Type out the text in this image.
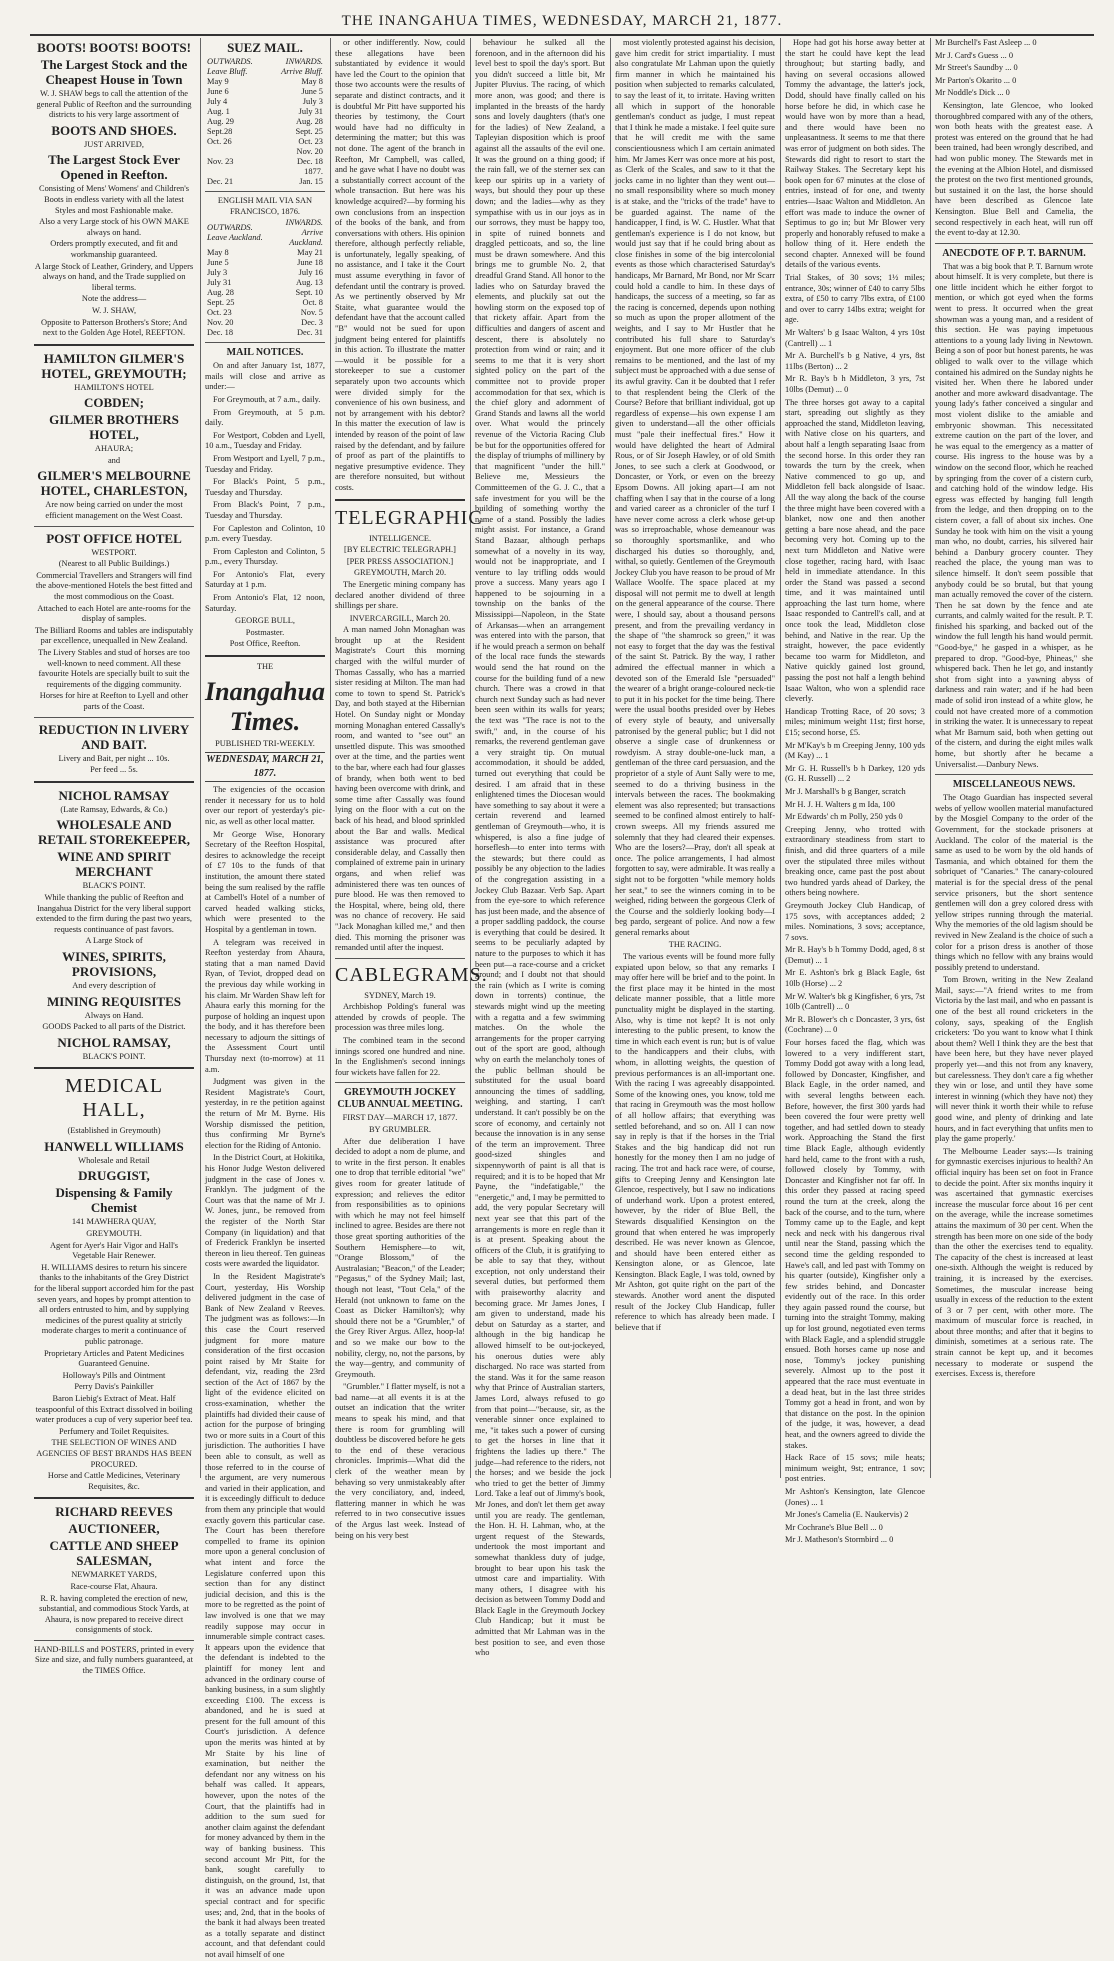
THE INANGAHUA TIMES, WEDNESDAY, MARCH 21, 1877.

BOOTS! BOOTS! BOOTS!

The Largest Stock and the Cheapest House in Town

W. J. SHAW begs to call the attention of the general Public of Reefton and the surrounding districts to his very large assortment of

BOOTS AND SHOES.

JUST ARRIVED,

The Largest Stock Ever Opened in Reefton.

Consisting of Mens' Womens' and Children's Boots in endless variety with all the latest Styles and most Fashionable make.

Also a very Large stock of his OWN MAKE always on hand.

Orders promptly executed, and fit and workmanship guaranteed.

A large Stock of Leather, Grindery, and Uppers always on hand, and the Trade supplied on liberal terms.

Note the address—

W. J. SHAW,

Opposite to Patterson Brothers's Store; And next to the Golden Age Hotel, REEFTON.

HAMILTON GILMER'S HOTEL, GREYMOUTH;

HAMILTON'S HOTEL

COBDEN;

GILMER BROTHERS HOTEL,

AHAURA;

and

GILMER'S MELBOURNE HOTEL, CHARLESTON,

Are now being carried on under the most efficient management on the West Coast.

POST OFFICE HOTEL

WESTPORT.

(Nearest to all Public Buildings.)

Commercial Travellers and Strangers will find the above-mentioned Hotels the best fitted and the most commodious on the Coast.

Attached to each Hotel are ante-rooms for the display of samples.

The Billiard Rooms and tables are indisputably par excellence, unequalled in New Zealand.

The Livery Stables and stud of horses are too well-known to need comment. All these favourite Hotels are specially built to suit the requirements of the digging community.

Horses for hire at Reefton to Lyell and other parts of the Coast.

REDUCTION IN LIVERY AND BAIT.

Livery and Bait, per night ... 10s.

Per feed ... 5s.

NICHOL RAMSAY

(Late Ramsay, Edwards, & Co.)

WHOLESALE AND RETAIL STOREKEEPER,

WINE AND SPIRIT MERCHANT

BLACK'S POINT.

While thanking the public of Reefton and Inangahua District for the very liberal support extended to the firm during the past two years, requests continuance of past favors.

A Large Stock of

WINES, SPIRITS, PROVISIONS,

And every description of

MINING REQUISITES

Always on Hand.

GOODS Packed to all parts of the District.

NICHOL RAMSAY,

BLACK'S POINT.

MEDICAL HALL,

(Established in Greymouth)

HANWELL WILLIAMS

Wholesale and Retail

DRUGGIST,

Dispensing & Family Chemist

141 MAWHERA QUAY,

GREYMOUTH.

Agent for Ayer's Hair Vigor and Hall's Vegetable Hair Renewer.

H. WILLIAMS desires to return his sincere thanks to the inhabitants of the Grey District for the liberal support accorded him for the past seven years, and hopes by prompt attention to all orders entrusted to him, and by supplying medicines of the purest quality at strictly moderate charges to merit a continuance of public patronage.

Proprietary Articles and Patent Medicines Guaranteed Genuine.

Holloway's Pills and Ointment

Perry Davis's Painkiller

Baron Liebig's Extract of Meat. Half teaspoonful of this Extract dissolved in boiling water produces a cup of very superior beef tea.

Perfumery and Toilet Requisites.

THE SELECTION OF WINES AND AGENCIES OF BEST BRANDS HAS BEEN PROCURED.

Horse and Cattle Medicines, Veterinary Requisites, &c.

RICHARD REEVES

AUCTIONEER,

CATTLE AND SHEEP SALESMAN,

NEWMARKET YARDS,

Race-course Flat, Ahaura.

R. R. having completed the erection of new, substantial, and commodious Stock Yards, at Ahaura, is now prepared to receive direct consignments of stock.

HAND-BILLS and POSTERS, printed in every Size and size, and fully numbers guaranteed, at the TIMES Office.

SUEZ MAIL.

OUTWARDS. Leave Bluff.	INWARDS. Arrive Bluff.
May 9	May 8
June 6	June 5
July 4	July 3
Aug. 1	July 31
Aug. 29	Aug. 28
Sept.28	Sept. 25
Oct. 26	Oct. 23
	Nov. 20
Nov. 23	Dec. 18
	1877.
Dec. 21	Jan. 15

ENGLISH MAIL VIA SAN FRANCISCO, 1876.

OUTWARDS. Leave Auckland.	INWARDS. Arrive Auckland.
May 8	May 21
June 5	June 18
July 3	July 16
July 31	Aug. 13
Aug. 28	Sept. 10
Sept. 25	Oct. 8
Oct. 23	Nov. 5
Nov. 20	Dec. 3
Dec. 18	Dec. 31

MAIL NOTICES.

On and after January 1st, 1877, mails will close and arrive as under:—

For Greymouth, at 7 a.m., daily.

From Greymouth, at 5 p.m. daily.

For Westport, Cobden and Lyell, 10 a.m., Tuesday and Friday.

From Westport and Lyell, 7 p.m., Tuesday and Friday.

For Black's Point, 5 p.m., Tuesday and Thursday.

From Black's Point, 7 p.m., Tuesday and Thursday.

For Capleston and Colinton, 10 p.m. every Tuesday.

From Capleston and Colinton, 5 p.m., every Thursday.

For Antonio's Flat, every Saturday at 1 p.m.

From Antonio's Flat, 12 noon, Saturday.

GEORGE BULL,

Postmaster.

Post Office, Reefton.

THE

Inangahua Times.

PUBLISHED TRI-WEEKLY.

WEDNESDAY, MARCH 21, 1877.

The exigencies of the occasion render it necessary for us to hold over our report of yesterday's pic-nic, as well as other local matter.

Mr George Wise, Honorary Secretary of the Reefton Hospital, desires to acknowledge the receipt of £7 10s to the funds of that institution, the amount there stated being the sum realised by the raffle at Cambell's Hotel of a number of carved headed walking sticks, which were presented to the Hospital by a gentleman in town.

A telegram was received in Reefton yesterday from Ahaura, stating that a man named David Ryan, of Teviot, dropped dead on the previous day while working in his claim. Mr Warden Shaw left for Ahaura early this morning for the purpose of holding an inquest upon the body, and it has therefore been necessary to adjourn the sittings of the Assessment Court until Thursday next (to-morrow) at 11 a.m.

Judgment was given in the Resident Magistrate's Court, yesterday, in re the petition against the return of Mr M. Byrne. His Worship dismissed the petition, thus confirming Mr Byrne's election for the Riding of Antonio.

In the District Court, at Hokitika, his Honor Judge Weston delivered judgment in the case of Jones v. Franklyn. The judgment of the Court was that the name of Mr J. W. Jones, junr., be removed from the register of the North Star Company (in liquidation) and that of Frederick Franklyn be inserted thereon in lieu thereof. Ten guineas costs were awarded the liquidator.

In the Resident Magistrate's Court, yesterday, His Worship delivered judgment in the case of Bank of New Zealand v Reeves. The judgment was as follows:—In this case the Court reserved judgment for more mature consideration of the first occasion point raised by Mr Staite for defendant, viz, reading the 23rd section of the Act of 1867 by the light of the evidence elicited on cross-examination, whether the plaintiffs had divided their cause of action for the purpose of bringing two or more suits in a Court of this jurisdiction. The authorities I have been able to consult, as well as those referred to in the course of the argument, are very numerous and varied in their application, and it is exceedingly difficult to deduce from them any principle that would exactly govern this particular case. The Court has been therefore compelled to frame its opinion more upon a general conclusion of what intent and force the Legislature conferred upon this section than for any distinct judicial decision, and this is the more to be regretted as the point of law involved is one that we may readily suppose may occur in innumerable simple contract cases. It appears upon the evidence that the defendant is indebted to the plaintiff for money lent and advanced in the ordinary course of banking business, in a sum slightly exceeding £100. The excess is abandoned, and he is sued at present for the full amount of this Court's jurisdiction. A defence upon the merits was hinted at by Mr Staite by his line of examination, but neither the defendant nor any witness on his behalf was called. It appears, however, upon the notes of the Court, that the plaintiffs had in addition to the sum sued for another claim against the defendant for money advanced by them in the way of banking business. This second account Mr Pitt, for the bank, sought carefully to distinguish, on the ground, 1st, that it was an advance made upon special contract and for specific uses; and, 2nd, that in the books of the bank it had always been treated as a totally separate and distinct account, and that defendant could not avail himself of one

or other indifferently. Now, could these allegations have been substantiated by evidence it would have led the Court to the opinion that those two accounts were the results of separate and distinct contracts, and it is doubtful Mr Pitt have supported his theories by testimony, the Court would have had no difficulty in determining the matter; but this was not done. The agent of the branch in Reefton, Mr Campbell, was called, and he gave what I have no doubt was a substantially correct account of the whole transaction. But here was his knowledge acquired?—by forming his own conclusions from an inspection of the books of the bank, and from conversations with others. His opinion therefore, although perfectly reliable, is unfortunately, legally speaking, of no assistance, and I take it the Court must assume everything in favor of defendant until the contrary is proved. As we pertinently observed by Mr Staite, what guarantee would the defendant have that the account called "B" would not be sued for upon judgment being entered for plaintiffs in this action. To illustrate the matter—would it be possible for a storekeeper to sue a customer separately upon two accounts which were divided simply for the convenience of his own business, and not by arrangement with his debtor? In this matter the execution of law is intended by reason of the point of law raised by the defendant, and by failure of proof as part of the plaintiffs to negative presumptive evidence. They are therefore nonsuited, but without costs.

TELEGRAPHIC

INTELLIGENCE.

[BY ELECTRIC TELEGRAPH.]

[PER PRESS ASSOCIATION.]

GREYMOUTH, March 20.

The Energetic mining company has declared another dividend of three shillings per share.

INVERCARGILL, March 20.

A man named John Monaghan was brought up at the Resident Magistrate's Court this morning charged with the wilful murder of Thomas Cassally, who has a married sister residing at Milton. The man had come to town to spend St. Patrick's Day, and both stayed at the Hibernian Hotel. On Sunday night or Monday morning Monaghan entered Cassally's room, and wanted to "see out" an unsettled dispute. This was smoothed over at the time, and the parties went to the bar, where each had four glasses of brandy, when both went to bed having been overcome with drink, and some time after Cassally was found lying on the floor with a cut on the back of his head, and blood sprinkled about the Bar and walls. Medical assistance was procured after considerable delay, and Cassally then complained of extreme pain in urinary organs, and when relief was administered there was ten ounces of pure blood. He was then removed to the Hospital, where, being old, there was no chance of recovery. He said "Jack Monaghan killed me," and then died. This morning the prisoner was remanded until after the inquest.

CABLEGRAMS.

SYDNEY, March 19.

Archbishop Polding's funeral was attended by crowds of people. The procession was three miles long.

The combined team in the second innings scored one hundred and nine. In the Englishmen's second innings four wickets have fallen for 22.

GREYMOUTH JOCKEY CLUB ANNUAL MEETING.

FIRST DAY—MARCH 17, 1877.

BY GRUMBLER.

After due deliberation I have decided to adopt a nom de plume, and to write in the first person. It enables one to drop that terrible editorial "we" gives room for greater latitude of expression; and relieves the editor from responsibilities as to opinions with which he may not feel himself inclined to agree. Besides are there not those great sporting authorities of the Southern Hemisphere—to wit, "Orange Blossom," of the Australasian; "Beacon," of the Leader; "Pegasus," of the Sydney Mail; last, though not least, "Tout Cela," of the Herald (not unknown to fame on the Coast as Dicker Hamilton's); why should there not be a "Grumbler," of the Grey River Argus. Allez, hoop-la! and so we make our bow to the nobility, clergy, no, not the parsons, by the way—gentry, and community of Greymouth.

"Grumbler." I flatter myself, is not a bad name—at all events it is at the outset an indication that the writer means to speak his mind, and that there is room for grumbling will doubtless be discovered before he gets to the end of these veracious chronicles. Imprimis—What did the clerk of the weather mean by behaving so very unmistakeably after the very conciliatory, and, indeed, flattering manner in which he was referred to in two consecutive issues of the Argus last week. Instead of being on his very best

behaviour he sulked all the forenoon, and in the afternoon did his level best to spoil the day's sport. But you didn't succeed a little bit, Mr Jupiter Pluvius. The racing, of which more anon, was good; and there is implanted in the breasts of the hardy sons and lovely daughters (that's one for the ladies) of New Zealand, a Tapleyian disposition which is proof against all the assaults of the evil one. It was the ground on a thing good; if the rain fall, we of the sterner sex can keep our spirits up in a variety of ways, but should they pour up these down; and the ladies—why as they sympathise with us in our joys as in our sorrows, they must be happy too, in spite of ruined bonnets and draggled petticoats, and so, the line must be drawn somewhere. And this brings me to grumble No. 2, that dreadful Grand Stand. All honor to the ladies who on Saturday braved the elements, and pluckily sat out the howling storm on the exposed top of that rickety affair. Apart from the difficulties and dangers of ascent and descent, there is absolutely no protection from wind or rain; and it seems to me that it is very short sighted policy on the part of the committee not to provide proper accommodation for that sex, which is the chief glory and adornment of Grand Stands and lawns all the world over. What would the princely revenue of the Victoria Racing Club be but for the opportunities offered for the display of triumphs of millinery by that magnificent "under the hill." Believe me, Messieurs the Committeemen of the G. J. C., that a safe investment for you will be the building of something worthy the name of a stand. Possibly the ladies might assist. For instance, a Grand Stand Bazaar, although perhaps somewhat of a novelty in its way, would not be inappropriate, and I venture to lay trifling odds would prove a success. Many years ago I happened to be sojourning in a township on the banks of the Mississippi—Napoleon, in the State of Arkansas—when an arrangement was entered into with the parson, that if he would preach a sermon on behalf of the local race funds the stewards would send the hat round on the course for the building fund of a new church. There was a crowd in that church next Sunday such as had never been seen within its walls for years; the text was "The race is not to the swift," and, in the course of his remarks, the reverend gentleman gave a very straight tip. On mutual accommodation, it should be added, turned out everything that could be desired. I am afraid that in these enlightened times the Diocesan would have something to say about it were a certain reverend and learned gentleman of Greymouth—who, it is whispered, is also a fine judge of horseflesh—to enter into terms with the stewards; but there could as possibly be any objection to the ladies of the congregation assisting in a Jockey Club Bazaar. Verb Sap. Apart from the eye-sore to which reference has just been made, and the absence of a proper saddling paddock, the course is everything that could be desired. It seems to be peculiarly adapted by nature to the purposes to which it has been put—a race-course and a cricket ground; and I doubt not that should the rain (which as I write is coming down in torrents) continue, the stewards might wind up the meeting with a regatta and a few swimming matches. On the whole the arrangements for the proper carrying out of the sport are good, although why on earth the melancholy tones of the public bellman should be substituted for the usual board announcing the times of saddling, weighing, and starting, I can't understand. It can't possibly be on the score of economy, and certainly not because the innovation is in any sense of the term an improvement. Three good-sized shingles and sixpennyworth of paint is all that is required; and it is to be hoped that Mr Payne, the "indefatigable," the "energetic," and, I may be permitted to add, the very popular Secretary will next year see that this part of the arrangements is more en regle than it is at present. Speaking about the officers of the Club, it is gratifying to be able to say that they, without exception, not only understand their several duties, but performed them with praiseworthy alacrity and becoming grace. Mr James Jones, I am given to understand, made his debut on Saturday as a starter, and although in the big handicap he allowed himself to be out-jockeyed, his onerous duties were ably discharged. No race was started from the stand. Was it for the same reason why that Prince of Australian starters, James Lord, always refused to go from that point—"because, sir, as the venerable sinner once explained to me, "it takes such a power of cursing to get the horses in line that it frightens the ladies up there." The judge—had reference to the riders, not the horses; and we beside the jock who tried to get the better of Jimmy Lord. Take a leaf out of Jimmy's book, Mr Jones, and don't let them get away until you are ready. The gentleman, the Hon. H. H. Lahman, who, at the urgent request of the Stewards, undertook the most important and somewhat thankless duty of judge, brought to bear upon his task the utmost care and impartiality. With many others, I disagree with his decision as between Tommy Dodd and Black Eagle in the Greymouth Jockey Club Handicap; but it must be admitted that Mr Lahman was in the best position to see, and even those who

most violently protested against his decision, gave him credit for strict impartiality. I must also congratulate Mr Lahman upon the quietly firm manner in which he maintained his position when subjected to remarks calculated, to say the least of it, to irritate. Having written all which in support of the honorable gentleman's conduct as judge, I must repeat that I think he made a mistake. I feel quite sure that he will credit me with the same conscientiousness which I am certain animated him. Mr James Kerr was once more at his post, as Clerk of the Scales, and saw to it that the jocks came in no lighter than they went out—no small responsibility where so much money is at stake, and the "tricks of the trade" have to be guarded against. The name of the handicapper, I find, is W. C. Hustler. What that gentleman's experience is I do not know, but would just say that if he could bring about as close finishes in some of the big intercolonial events as those which characterised Saturday's handicaps, Mr Barnard, Mr Bond, nor Mr Scarr could hold a candle to him. In these days of handicaps, the success of a meeting, so far as the racing is concerned, depends upon nothing so much as upon the proper allotment of the weights, and I say to Mr Hustler that he contributed his full share to Saturday's enjoyment. But one more officer of the club remains to be mentioned, and the last of my subject must be approached with a due sense of its awful gravity. Can it be doubted that I refer to that resplendent being the Clerk of the Course? Before that brilliant individual, got up regardless of expense—his own expense I am given to understand—all the other officials must "pale their ineffectual fires." How it would have delighted the heart of Admiral Rous, or of Sir Joseph Hawley, or of old Smith Jones, to see such a clerk at Goodwood, or Doncaster, or York, or even on the breezy Epsom Downs. All joking apart—I am not chaffing when I say that in the course of a long and varied career as a chronicler of the turf I have never come across a clerk whose get-up was so irreproachable, whose demeanour was so thoroughly sportsmanlike, and who discharged his duties so thoroughly, and, withal, so quietly. Gentlemen of the Greymouth Jockey Club you have reason to be proud of Mr Wallace Woolfe. The space placed at my disposal will not permit me to dwell at length on the general appearance of the course. There were, I should say, about a thousand persons present, and from the prevailing verdancy in the shape of "the shamrock so green," it was not easy to forget that the day was the festival of the saint St. Patrick. By the way, I rather admired the effectual manner in which a devoted son of the Emerald Isle "persuaded" the wearer of a bright orange-coloured neck-tie to put it in his pocket for the time being. There were the usual booths presided over by Hebes of every style of beauty, and universally patronised by the general public; but I did not observe a single case of drunkenness or rowdyism. A stray double-one-luck man, a gentleman of the three card persuasion, and the proprietor of a style of Aunt Sally were to me, seemed to do a thriving business in the intervals between the races. The bookmaking element was also represented; but transactions seemed to be confined almost entirely to half-crown sweeps. All my friends assured me solemnly that they had cleared their expenses. Who are the losers?—Pray, don't all speak at once. The police arrangements, I had almost forgotten to say, were admirable. It was really a sight not to be forgotten "while memory holds her seat," to see the winners coming in to be weighed, riding between the gorgeous Clerk of the Course and the soldierly looking body—I beg pardo, sergeant of police. And now a few general remarks about

THE RACING.

The various events will be found more fully expiated upon below, so that any remarks I may offer here will be brief and to the point. In the first place may it be hinted in the most delicate manner possible, that a little more punctuality might be displayed in the starting. Also, why is time not kept? It is not only interesting to the public present, to know the time in which each event is run; but is of value to the handicappers and their clubs, with whom, in allotting weights, the question of previous performances is an all-important one. With the racing I was agreeably disappointed. Some of the knowing ones, you know, told me that racing in Greymouth was the most hollow of all hollow affairs; that everything was settled beforehand, and so on. All I can now say in reply is that if the horses in the Trial Stakes and the big handicap did not run honestly for the money then I am no judge of racing. The trot and hack race were, of course, gifts to Creeping Jenny and Kensington late Glencoe, respectively, but I saw no indications of underhand work. Upon a protest entered, however, by the rider of Blue Bell, the Stewards disqualified Kensington on the ground that when entered he was improperly described. He was never known as Glencoe, and should have been entered either as Kensington alone, or as Glencoe, late Kensington. Black Eagle, I was told, owned by Mr Ashton, got quite right on the part of the stewards. Another word anent the disputed result of the Jockey Club Handicap, fuller reference to which has already been made. I believe that if

Hope had got his horse away better at the start he could have kept the lead throughout; but starting badly, and having on several occasions allowed Tommy the advantage, the latter's jock, Dodd, should have finally called on his horse before he did, in which case he would have won by more than a head, and there would have been no unpleasantness. It seems to me that there was error of judgment on both sides. The Stewards did right to resort to start the Railway Stakes. The Secretary kept his book open for 67 minutes at the close of entries, instead of for one, and twenty entries—Isaac Walton and Middleton. An effort was made to induce the owner of Septimus to go in; but Mr Blower very properly and honorably refused to make a hollow thing of it. Here endeth the second chapter. Annexed will be found details of the various events.

Trial Stakes, of 30 sovs; 1½ miles; entrance, 30s; winner of £40 to carry 5lbs extra, of £50 to carry 7lbs extra, of £100 and over to carry 14lbs extra; weight for age.

Mr Walters' b g Isaac Walton, 4 yrs 10st (Cantrell) ... 1

Mr A. Burchell's b g Native, 4 yrs, 8st 11lbs (Berton) ... 2

Mr R. Bay's b h Middleton, 3 yrs, 7st 10lbs (Demut) ... 0

The three horses got away to a capital start, spreading out slightly as they approached the stand, Middleton leaving, with Native close on his quarters, and about half a length separating Isaac from the second horse. In this order they ran towards the turn by the creek, when Native commenced to go up, and Middleton fell back alongside of Isaac. All the way along the back of the course the three might have been covered with a blanket, now one and then another getting a bare nose ahead, and the pace becoming very hot. Coming up to the next turn Middleton and Native were close together, racing hard, with Isaac held in immediate attendance. In this order the Stand was passed a second time, and it was maintained until approaching the last turn home, where Isaac responded to Cantrell's call, and at once took the lead, Middleton close behind, and Native in the rear. Up the straight, however, the pace evidently became too warm for Middleton, and Native quickly gained lost ground, passing the post not half a length behind Isaac Walton, who won a splendid race cleverly.

Handicap Trotting Race, of 20 sovs; 3 miles; minimum weight 11st; first horse, £15; second horse, £5.

Mr M'Kay's b m Creeping Jenny, 100 yds (M Kay) ... 1

Mr G. H. Russell's b h Darkey, 120 yds (G. H. Russell) ... 2

Mr J. Marshall's b g Banger, scratch

Mr H. J. H. Walters g m Ida, 100

Mr Edwards' ch m Polly, 250 yds 0

Creeping Jenny, who trotted with extraordinary steadiness from start to finish, and did three quarters of a mile over the stipulated three miles without breaking once, came past the post about two hundred yards ahead of Darkey, the others being nowhere.

Greymouth Jockey Club Handicap, of 175 sovs, with acceptances added; 2 miles. Nominations, 3 sovs; acceptance, 7 sovs.

Mr R. Hay's b h Tommy Dodd, aged, 8 st (Demut) ... 1

Mr E. Ashton's brk g Black Eagle, 6st 10lb (Horse) ... 2

Mr W. Walter's bk g Kingfisher, 6 yrs, 7st 10lb (Cantrell) ... 0

Mr R. Blower's ch c Doncaster, 3 yrs, 6st (Cochrane) ... 0

Four horses faced the flag, which was lowered to a very indifferent start, Tommy Dodd got away with a long lead, followed by Doncaster, Kingfisher, and Black Eagle, in the order named, and with several lengths between each. Before, however, the first 300 yards had been covered the four were pretty well together, and had settled down to steady work. Approaching the Stand the first time Black Eagle, although evidently hard held, came to the front with a rush, followed closely by Tommy, with Doncaster and Kingfisher not far off. In this order they passed at racing speed round the turn at the creek, along the back of the course, and to the turn, where Tommy came up to the Eagle, and kept neck and neck with his dangerous rival until near the Stand, passing which the second time the gelding responded to Hawe's call, and led past with Tommy on his quarter (outside), Kingfisher only a few strides behind, and Doncaster evidently out of the race. In this order they again passed round the course, but turning into the straight Tommy, making up for lost ground, negotiated even terms with Black Eagle, and a splendid struggle ensued. Both horses came up nose and nose, Tommy's jockey punishing severely. Almost up to the post it appeared that the race must eventuate in a dead heat, but in the last three strides Tommy got a head in front, and won by that distance on the post. In the opinion of the judge, it was, however, a dead heat, and the owners agreed to divide the stakes.

Hack Race of 15 sovs; mile heats; minimum weight, 9st; entrance, 1 sov; post entries.

Mr Ashton's Kensington, late Glencoe (Jones) ... 1

Mr Jones's Camelia (E. Naukervis) 2

Mr Cochrane's Blue Bell ... 0

Mr J. Matheson's Stormbird ... 0

Mr Burchell's Fast Asleep ... 0

Mr J. Card's Guess ... 0

Mr Street's Saundby ... 0

Mr Parton's Okarito ... 0

Mr Noddle's Dick ... 0

Kensington, late Glencoe, who looked thoroughbred compared with any of the others, won both heats with the greatest ease. A protest was entered on the ground that he had been trained, had been wrongly described, and had won public money. The Stewards met in the evening at the Albion Hotel, and dismissed the protest on the two first mentioned grounds, but sustained it on the last, the horse should have been described as Glencoe late Kensington. Blue Bell and Camelia, the second respectively in each heat, will run off the event to-day at 12.30.

ANECDOTE OF P. T. BARNUM.

That was a big book that P. T. Barnum wrote about himself. It is very complete, but there is one little incident which he either forgot to mention, or which got eyed when the forms went to press. It occurred when the great showman was a young man, and a resident of this section. He was paying impetuous attentions to a young lady living in Newtown. Being a son of poor but honest parents, he was obliged to walk over to the village which contained his admired on the Sunday nights he visited her. When there he labored under another and more awkward disadvantage. The young lady's father conceived a singular and most violent dislike to the amiable and embryonic showman. This necessitated extreme caution on the part of the lover, and he was equal to the emergency as a matter of course. His ingress to the house was by a window on the second floor, which he reached by springing from the cover of a cistern curb, and catching hold of the window ledge. His egress was effected by hanging full length from the ledge, and then dropping on to the cistern cover, a fall of about six inches. One Sunday he took with him on the visit a young man who, no doubt, carries, his silvered hair behind a Danbury grocery counter. They reached the place, the young man was to silence himself. It don't seem possible that anybody could be so brutal, but that young man actually removed the cover of the cistern. Then he sat down by the fence and ate currants, and calmly waited for the result. P. T. finished his sparking, and backed out of the window the full length his hand would permit. "Good-bye," he gasped in a whisper, as he prepared to drop. "Good-bye, Phineas," she whispered back. Then he let go, and instantly shot from sight into a yawning abyss of darkness and rain water; and if he had been made of solid iron instead of a white glow, he could not have created more of a commotion in striking the water. It is unnecessary to repeat what Mr Barnum said, both when getting out of the cistern, and during the eight miles walk home, but shortly after he became a Universalist.—Danbury News.

MISCELLANEOUS NEWS.

The Otago Guardian has inspected several webs of yellow woollen material manufactured by the Mosgiel Company to the order of the Government, for the stockade prisoners at Auckland. The color of the material is the same as used to be worn by the old hands of Tasmania, and which obtained for them the sobriquet of "Canaries." The canary-coloured material is for the special dress of the penal service prisoners, but the short sentence gentlemen will don a grey colored dress with yellow stripes running through the material. Why the memories of the old lagism should be revived in New Zealand is the choice of such a color for a prison dress is another of those things which no fellow with any brains would possibly pretend to understand.

Tom Brown, writing in the New Zealand Mail, says:—"A friend writes to me from Victoria by the last mail, and who en passant is one of the best all round cricketers in the colony, says, speaking of the English cricketers: 'Do you want to know what I think about them? Well I think they are the best that have been here, but they have never played properly yet—and this not from any knavery, but carelessness. They don't care a fig whether they win or lose, and until they have some interest in winning (which they have not) they will never think it worth their while to refuse good wine, and plenty of drinking and late hours, and in fact everything that unfits men to play the game properly.'

The Melbourne Leader says:—Is training for gymnastic exercises injurious to health? An official inquiry has been set on foot in France to decide the point. After six months inquiry it was ascertained that gymnastic exercises increase the muscular force about 16 per cent on the average, while the increase sometimes attains the maximum of 30 per cent. When the strength has been more on one side of the body than the other the exercises tend to equality. The capacity of the chest is increased at least one-sixth. Although the weight is reduced by training, it is increased by the exercises. Sometimes, the muscular increase being usually in excess of the reduction to the extent of 3 or 7 per cent, with other more. The maximum of muscular force is reached, in about three months; and after that it begins to diminish, sometimes at a serious rate. The strain cannot be kept up, and it becomes necessary to moderate or suspend the exercises. Excess is, therefore
